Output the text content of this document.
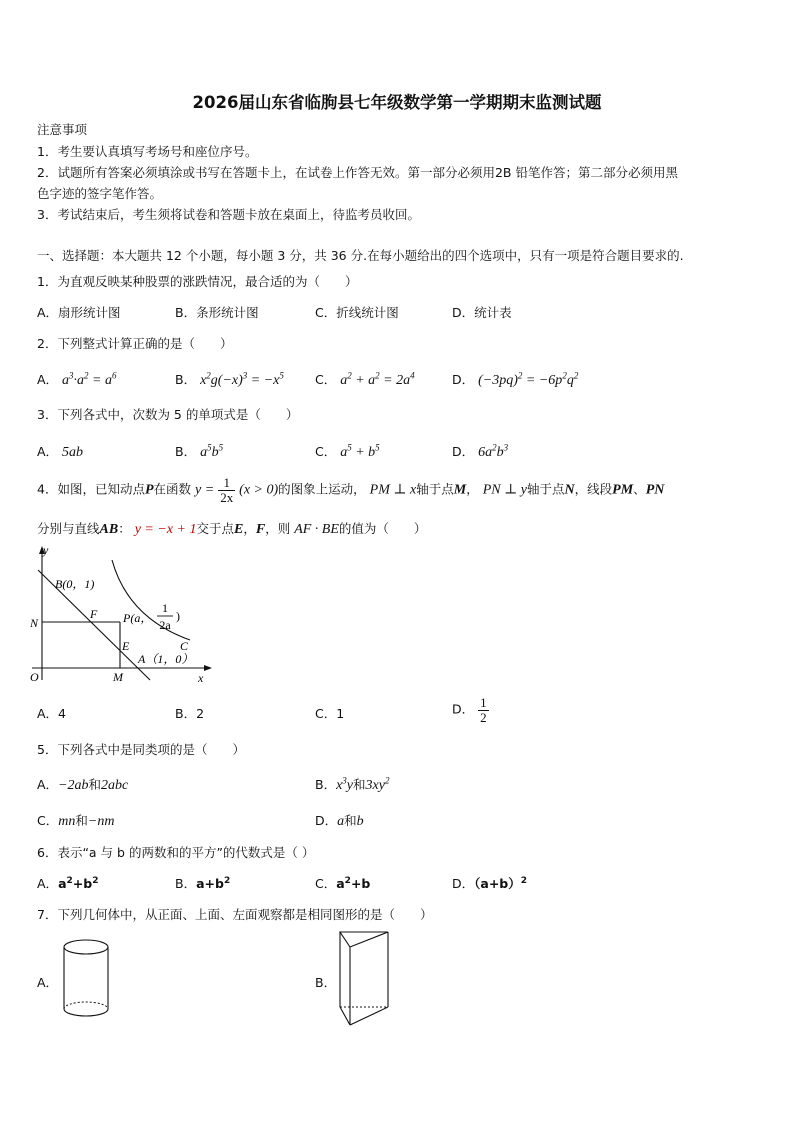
2026届山东省临朐县七年级数学第一学期期末监测试题
注意事项
1．考生要认真填写考场号和座位序号。
2．试题所有答案必须填涂或书写在答题卡上，在试卷上作答无效。第一部分必须用2B 铅笔作答；第二部分必须用黑
色字迹的签字笔作答。
3．考试结束后，考生须将试卷和答题卡放在桌面上，待监考员收回。
一、选择题：本大题共 12 个小题，每小题 3 分，共 36 分.在每小题给出的四个选项中，只有一项是符合题目要求的.
1．为直观反映某种股票的涨跌情况，最合适的为（　　）
A．扇形统计图	B．条形统计图	C．折线统计图	D．统计表
2．下列整式计算正确的是（　　）
A． $a^3\cdot a^2 = a^6$	B． $x^2g(-x)^3 = -x^5$ C． $a^2 + a^2 = 2a^4$	D． $(-3pq)^2 = -6p^2q^2$
3．下列各式中，次数为 5 的单项式是（　　）
A． 5ab	B． $a^5b^5$	C． $a^5 + b^5$	D． $6a^2b^3$
4．如图，已知动点P在函数 $y = \frac{1}{2x} (x > 0)$的图象上运动， PM ⊥ x轴于点M， PN ⊥ y轴于点N，线段PM、PN
分别与直线AB： y = −x + 1交于点E，F，则 AF · BE的值为（　　）
y
x
O
B(0，1)
N
F P(a，
1
2a
)
E
A（1，0）
M
C
A．4	B．2	C．1	D． $\frac{1}{2}$
5．下列各式中是同类项的是（　　）
A．−2ab和2abc	B．$x^3y$和$3xy^2$
C．mn和−nm	D．a和b
6．表示“a 与 b 的两数和的平方”的代数式是（ ）
A．$a^2+b^2$	B．$a+b^2$	C．$a^2+b$	D．$(a+b)^2$
7．下列几何体中，从正面、上面、左面观察都是相同图形的是（　　）
A．	B．
